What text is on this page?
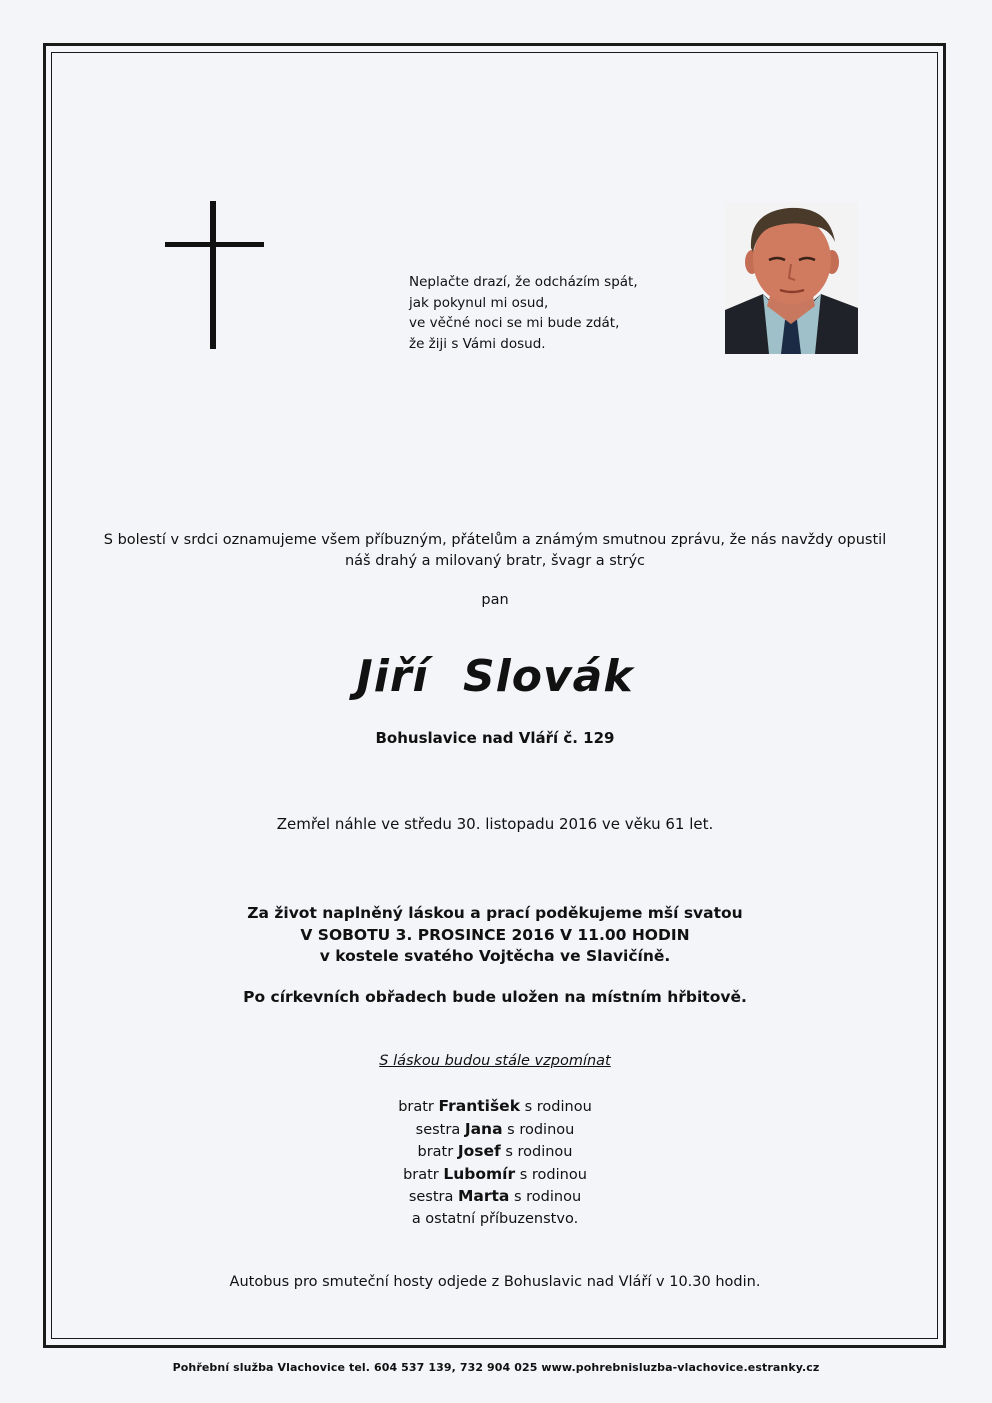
Neplačte drazí, že odcházím spát,
jak pokynul mi osud,
ve věčné noci se mi bude zdát,
že žiji s Vámi dosud.
S bolestí v srdci oznamujeme všem příbuzným, přátelům a známým smutnou zprávu, že nás navždy opustil
náš drahý a milovaný bratr, švagr a strýc
pan
Jiří Slovák
Bohuslavice nad Vláří č. 129
Zemřel náhle ve středu 30. listopadu 2016 ve věku 61 let.
Za život naplněný láskou a prací poděkujeme mší svatou
V SOBOTU 3. PROSINCE 2016 V 11.00 HODIN
v kostele svatého Vojtěcha ve Slavičíně.
Po církevních obřadech bude uložen na místním hřbitově.
S láskou budou stále vzpomínat
bratr František s rodinou
sestra Jana s rodinou
bratr Josef s rodinou
bratr Lubomír s rodinou
sestra Marta s rodinou
a ostatní příbuzenstvo.
Autobus pro smuteční hosty odjede z Bohuslavic nad Vláří v 10.30 hodin.
Pohřební služba Vlachovice tel. 604 537 139, 732 904 025 www.pohrebnisluzba-vlachovice.estranky.cz
